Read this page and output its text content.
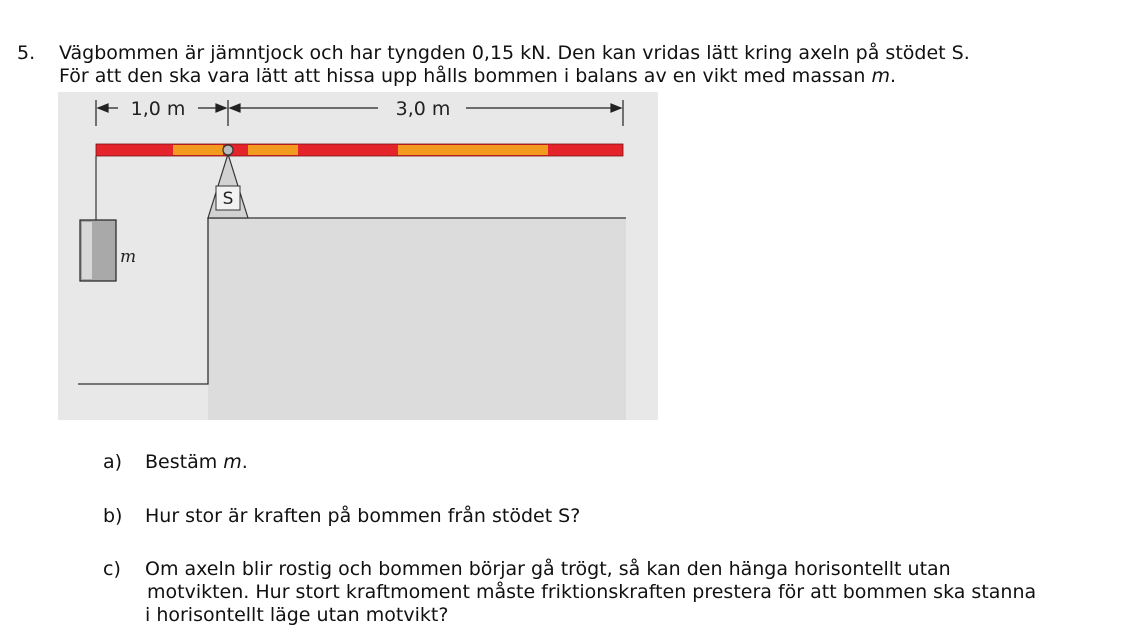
5. Vägbommen är jämntjock och har tyngden 0,15 kN. Den kan vridas lätt kring axeln på stödet S.
För att den ska vara lätt att hissa upp hålls bommen i balans av en vikt med massan m.
1,0 m	3,0 m
m
S
a) Bestäm m.
b) Hur stor är kraften på bommen från stödet S?
c) Om axeln blir rostig och bommen börjar gå trögt, så kan den hänga horisontellt utan
motvikten. Hur stort kraftmoment måste friktionskraften prestera för att bommen ska stanna
i horisontellt läge utan motvikt?
